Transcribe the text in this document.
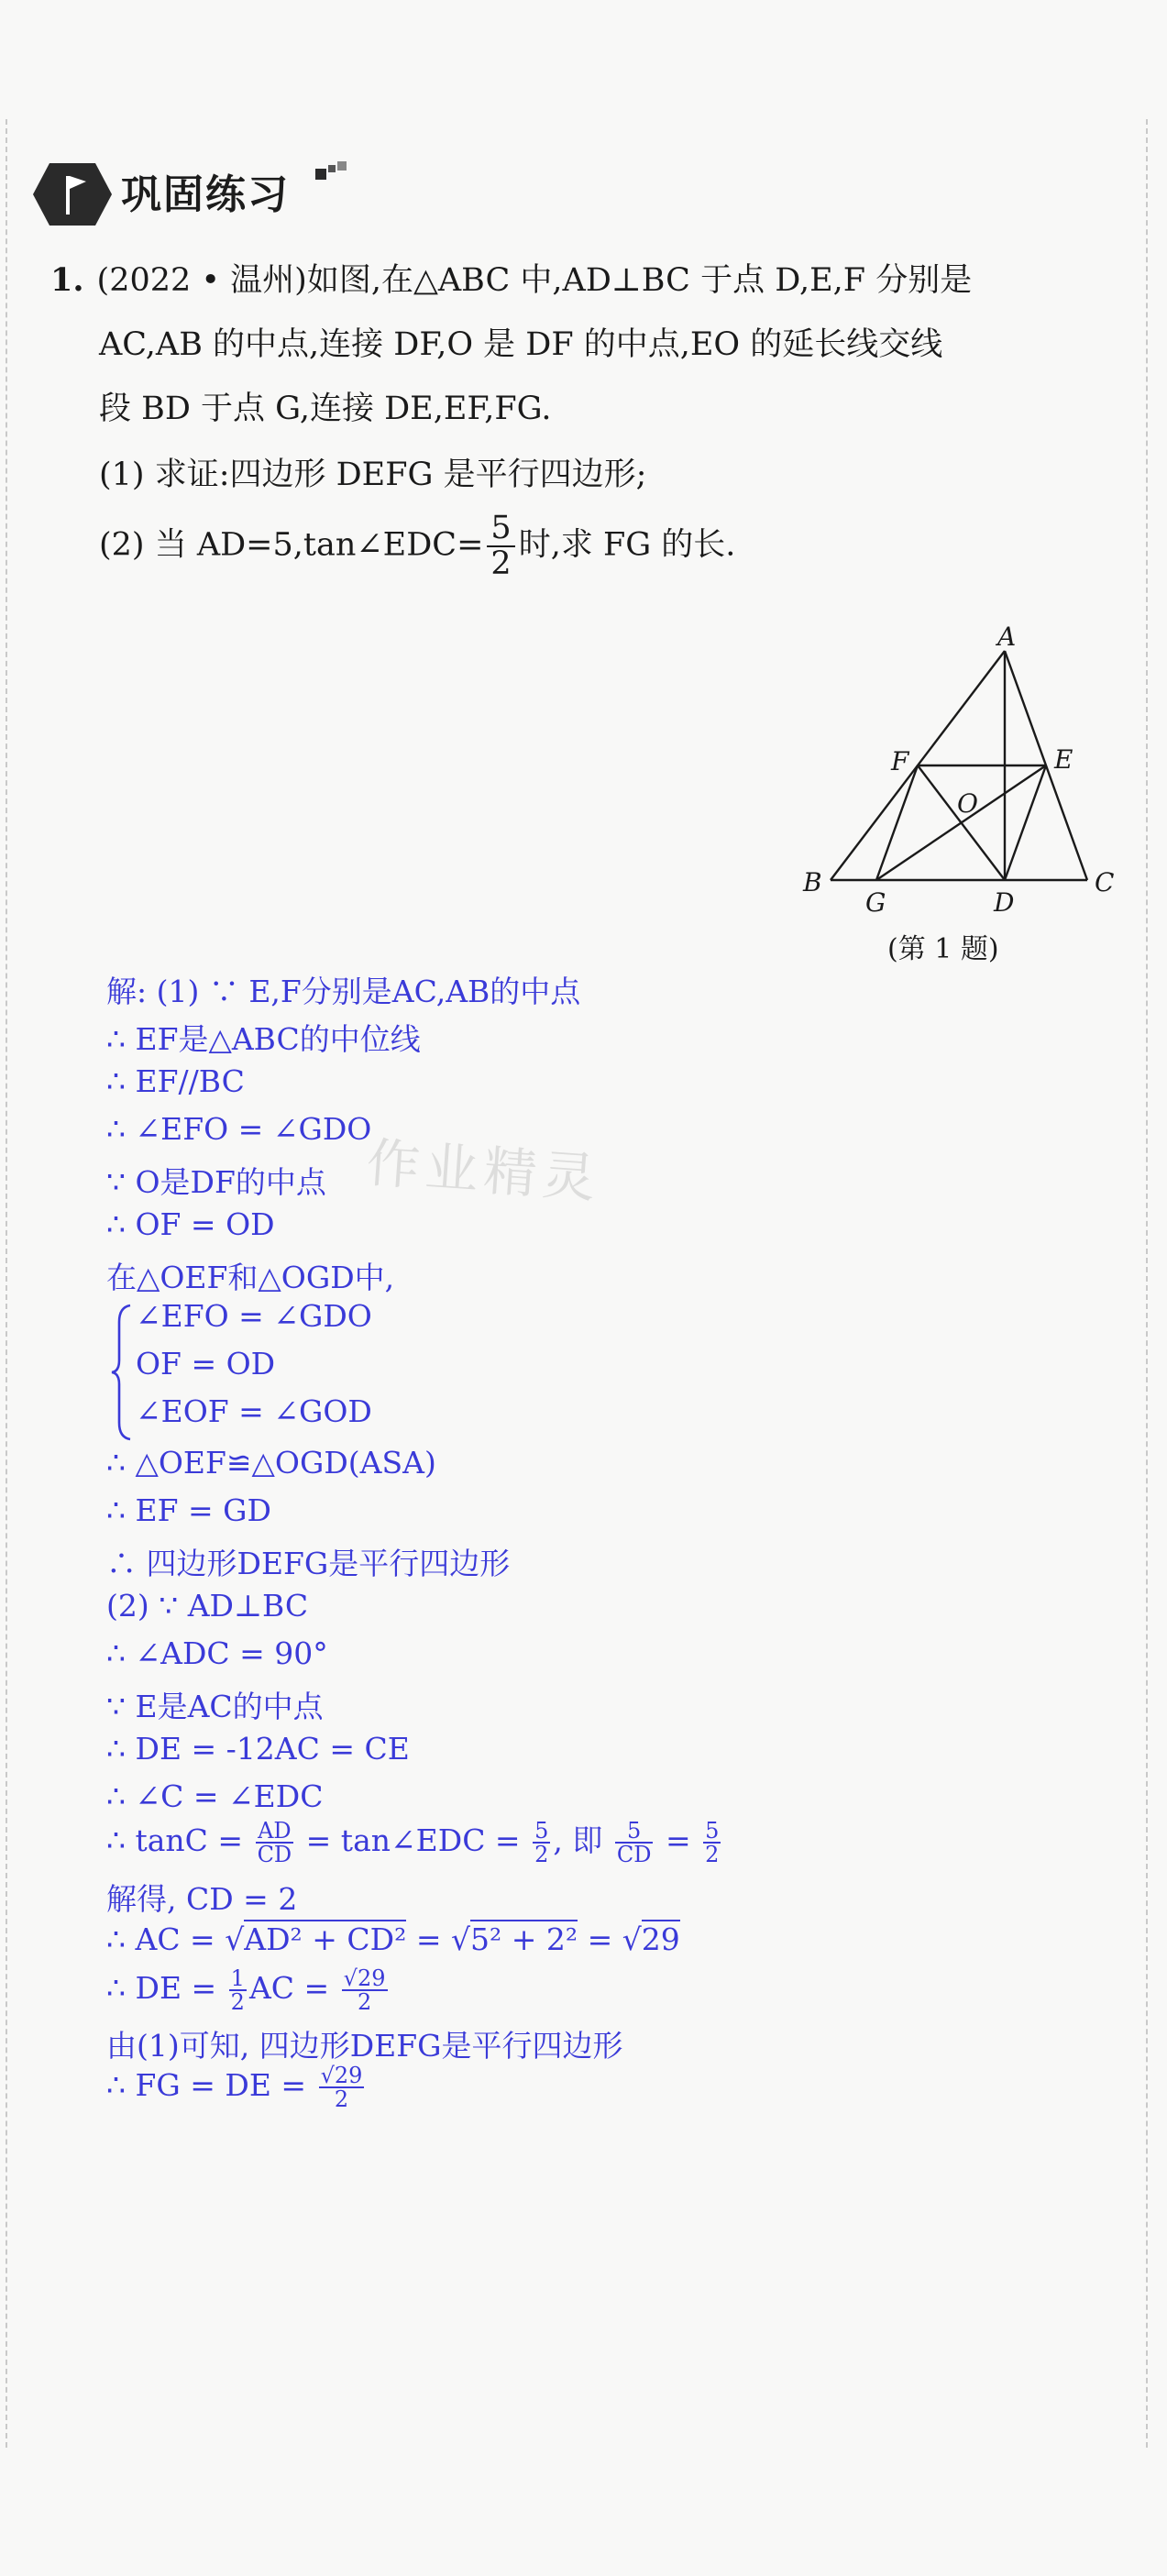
巩固练习
1. (2022 • 温州)如图,在△ABC 中,AD⊥BC 于点 D,E,F 分别是
AC,AB 的中点,连接 DF,O 是 DF 的中点,EO 的延长线交线
段 BD 于点 G,连接 DE,EF,FG.
(1) 求证:四边形 DEFG 是平行四边形;
(2) 当 AD=5,tan∠EDC= $\frac{5}{2}$ 时,求 FG 的长.
A
B	C
D
E
F
G
O
(第 1 题)
作业精灵
解: (1) ∵ E,F分别是AC,AB的中点
∴ EF是△ABC的中位线
∴ EF//BC
∴ ∠EFO = ∠GDO
∵ O是DF的中点
∴ OF = OD
在△OEF和△OGD中,
∠EFO = ∠GDO
OF = OD
∠EOF = ∠GOD
∴ △OEF≌△OGD(ASA)
∴ EF = GD
∴ 四边形DEFG是平行四边形
(2) ∵ AD⊥BC
∴ ∠ADC = 90°
∵ E是AC的中点
∴ DE = -12AC = CE
∴ ∠C = ∠EDC
∴ $\tan C = \frac{AD}{CD}$ = tan∠EDC = $\frac{5}{2}$ , 即 $\frac{5}{CD} = \frac{5}{2}$
解得, CD = 2
∴ AC = √AD² + CD² = √5² + 2² = √29
∴ DE = $\frac{1}{2}$ AC = $\frac{√29}{2}$
由(1)可知, 四边形DEFG是平行四边形
∴ FG = DE = $\frac{√29}{2}$
